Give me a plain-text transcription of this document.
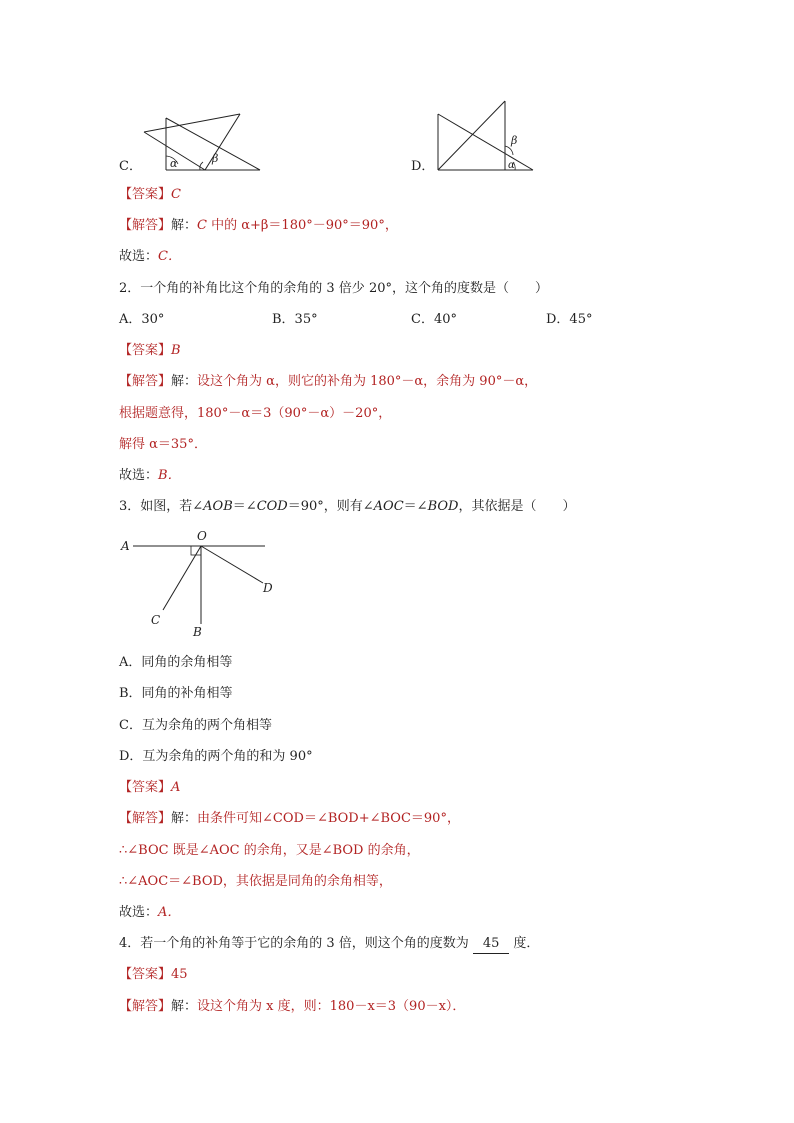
C．	α	β
D．
β
α
【答案】C
【解答】解：C 中的 α+β＝180°－90°＝90°，
故选：C．
2．一个角的补角比这个角的余角的 3 倍少 20°，这个角的度数是（　　）
A．30°	B．35°	C．40°	D．45°
【答案】B
【解答】解：设这个角为 α，则它的补角为 180°－α，余角为 90°－α，
根据题意得，180°－α＝3（90°－α）－20°，
解得 α＝35°．
故选：B．
3．如图，若∠AOB＝∠COD＝90°，则有∠AOC＝∠BOD，其依据是（　　）
A
O
D
C
B
A．同角的余角相等
B．同角的补角相等
C．互为余角的两个角相等
D．互为余角的两个角的和为 90°
【答案】A
【解答】解：由条件可知∠COD＝∠BOD+∠BOC＝90°，
∴∠BOC 既是∠AOC 的余角，又是∠BOD 的余角，
∴∠AOC＝∠BOD，其依据是同角的余角相等，
故选：A．
4．若一个角的补角等于它的余角的 3 倍，则这个角的度数为 45 度．
【答案】45
【解答】解：设这个角为 x 度，则：180－x＝3（90－x）．
